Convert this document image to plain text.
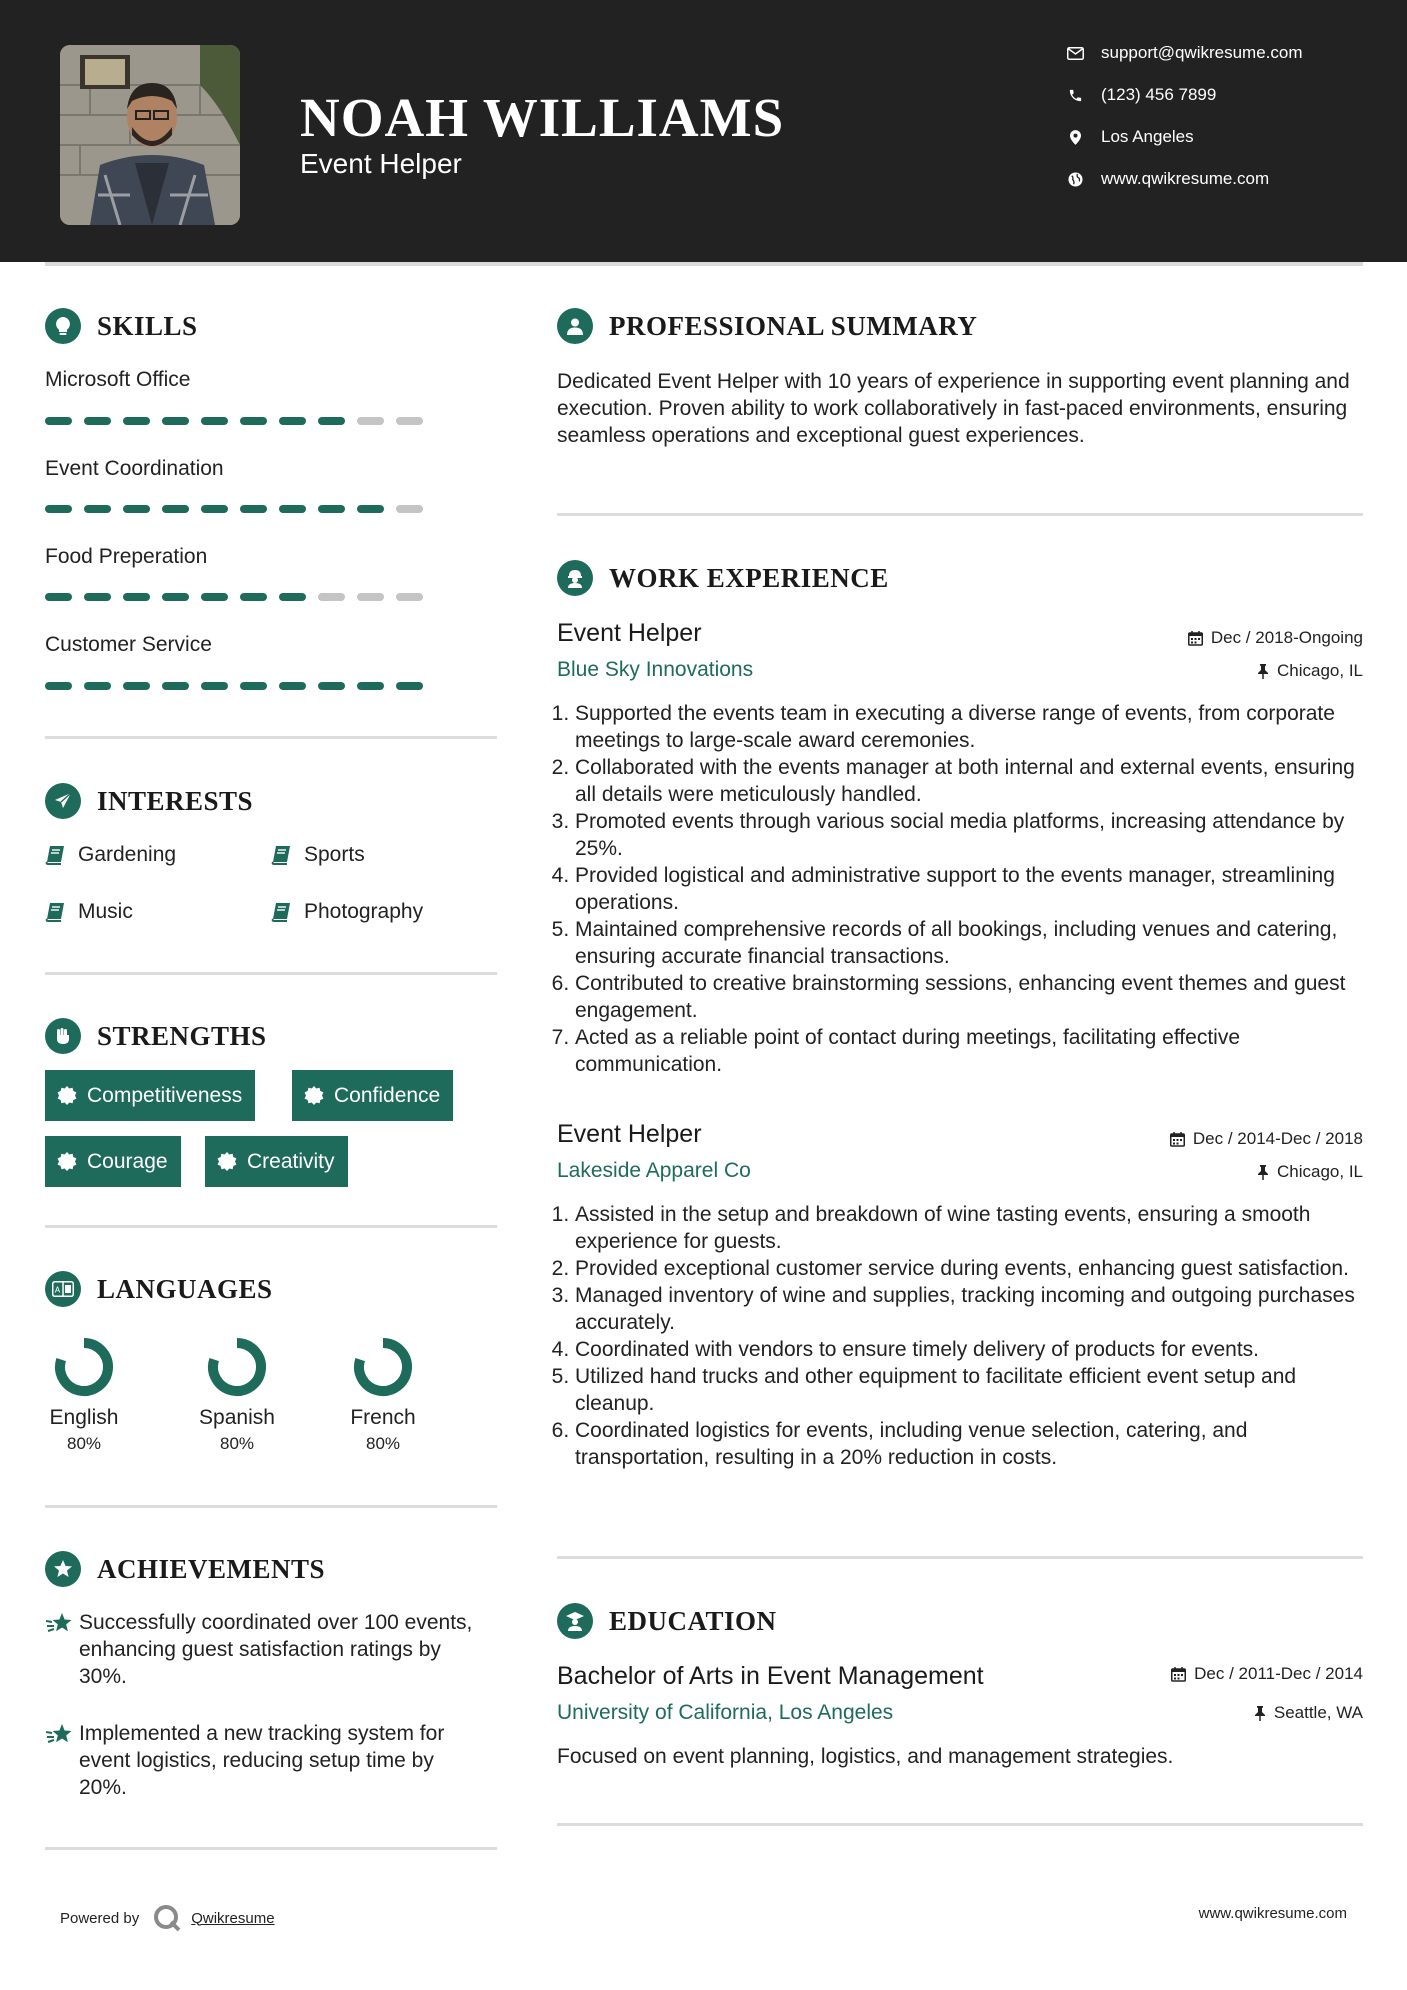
NOAH WILLIAMS
Event Helper
support@qwikresume.com
(123) 456 7899
Los Angeles
www.qwikresume.com
SKILLS
Microsoft Office
Event Coordination
Food Preperation
Customer Service
INTERESTS
Gardening	Sports
Music	Photography
STRENGTHS
Competitiveness	Confidence
Courage	Creativity
A LANGUAGES
English
80%
Spanish
80%
French
80%
ACHIEVEMENTS
Successfully coordinated over 100 events, enhancing guest satisfaction ratings by 30%.
Implemented a new tracking system for event logistics, reducing setup time by 20%.
PROFESSIONAL SUMMARY
Dedicated Event Helper with 10 years of experience in supporting event planning and execution. Proven ability to work collaboratively in fast-paced environments, ensuring seamless operations and exceptional guest experiences.
WORK EXPERIENCE
Event Helper	Dec / 2018-Ongoing
Blue Sky Innovations	Chicago, IL
1. Supported the events team in executing a diverse range of events, from corporate meetings to large-scale award ceremonies.
2. Collaborated with the events manager at both internal and external events, ensuring all details were meticulously handled.
3. Promoted events through various social media platforms, increasing attendance by 25%.
4. Provided logistical and administrative support to the events manager, streamlining operations.
5. Maintained comprehensive records of all bookings, including venues and catering, ensuring accurate financial transactions.
6. Contributed to creative brainstorming sessions, enhancing event themes and guest engagement.
7. Acted as a reliable point of contact during meetings, facilitating effective communication.
Event Helper	Dec / 2014-Dec / 2018
Lakeside Apparel Co	Chicago, IL
1. Assisted in the setup and breakdown of wine tasting events, ensuring a smooth experience for guests.
2. Provided exceptional customer service during events, enhancing guest satisfaction.
3. Managed inventory of wine and supplies, tracking incoming and outgoing purchases accurately.
4. Coordinated with vendors to ensure timely delivery of products for events.
5. Utilized hand trucks and other equipment to facilitate efficient event setup and cleanup.
6. Coordinated logistics for events, including venue selection, catering, and transportation, resulting in a 20% reduction in costs.
EDUCATION
Bachelor of Arts in Event Management	Dec / 2011-Dec / 2014
University of California, Los Angeles	Seattle, WA
Focused on event planning, logistics, and management strategies.
Powered by	Qwikresume	www.qwikresume.com
